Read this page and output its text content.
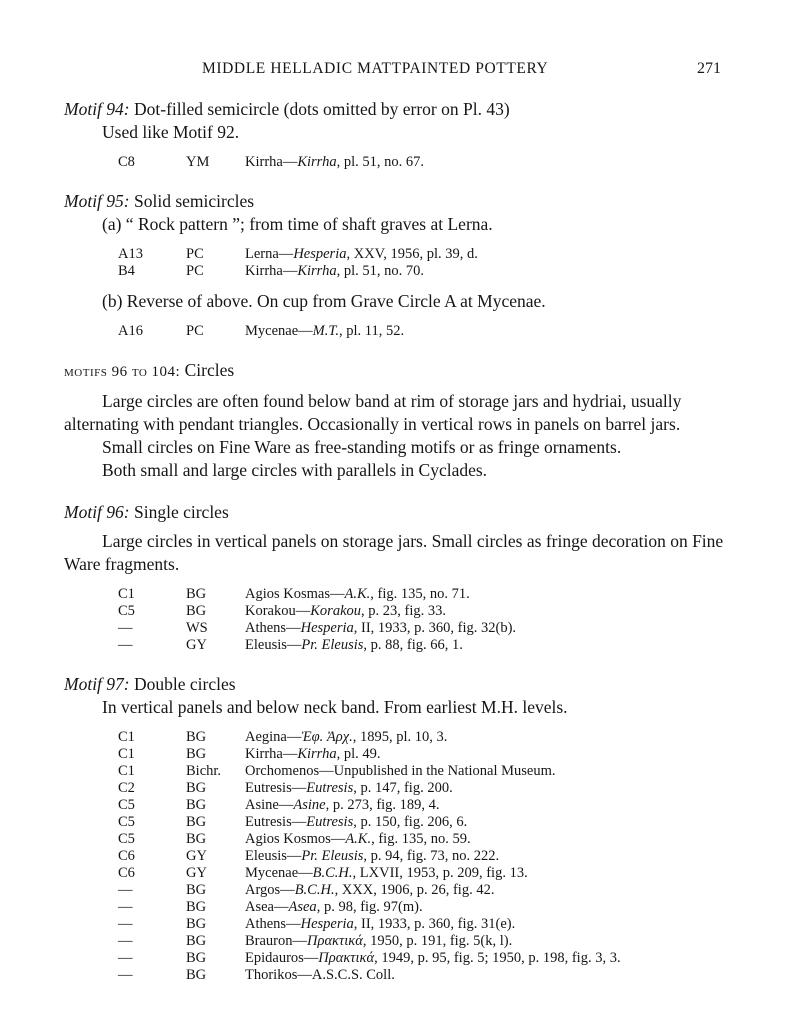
MIDDLE HELLADIC MATTPAINTED POTTERY	271

Motif 94: Dot-filled semicircle (dots omitted by error on Pl. 43)

Used like Motif 92.
C8	YM	Kirrha—Kirrha, pl. 51, no. 67.

Motif 95: Solid semicircles

(a) “ Rock pattern ”; from time of shaft graves at Lerna.
A13	PC	Lerna—Hesperia, XXV, 1956, pl. 39, d.
B4	PC	Kirrha—Kirrha, pl. 51, no. 70.
(b) Reverse of above. On cup from Grave Circle A at Mycenae.
A16	PC	Mycenae—M.T., pl. 11, 52.

motifs 96 to 104: Circles

Large circles are often found below band at rim of storage jars and hydriai, usually alternating with pendant triangles. Occasionally in vertical rows in panels on barrel jars.

Small circles on Fine Ware as free-standing motifs or as fringe ornaments.

Both small and large circles with parallels in Cyclades.

Motif 96: Single circles

Large circles in vertical panels on storage jars. Small circles as fringe decoration on Fine Ware fragments.

C1	BG	Agios Kosmas—A.K., fig. 135, no. 71.
C5	BG	Korakou—Korakou, p. 23, fig. 33.
—	WS	Athens—Hesperia, II, 1933, p. 360, fig. 32(b).
—	GY	Eleusis—Pr. Eleusis, p. 88, fig. 66, 1.

Motif 97: Double circles

In vertical panels and below neck band. From earliest M.H. levels.
C1	BG	Aegina—Ἐφ. Ἀρχ., 1895, pl. 10, 3.
C1	BG	Kirrha—Kirrha, pl. 49.
C1	Bichr.	Orchomenos—Unpublished in the National Museum.
C2	BG	Eutresis—Eutresis, p. 147, fig. 200.
C5	BG	Asine—Asine, p. 273, fig. 189, 4.
C5	BG	Eutresis—Eutresis, p. 150, fig. 206, 6.
C5	BG	Agios Kosmos—A.K., fig. 135, no. 59.
C6	GY	Eleusis—Pr. Eleusis, p. 94, fig. 73, no. 222.
C6	GY	Mycenae—B.C.H., LXVII, 1953, p. 209, fig. 13.
—	BG	Argos—B.C.H., XXX, 1906, p. 26, fig. 42.
—	BG	Asea—Asea, p. 98, fig. 97(m).
—	BG	Athens—Hesperia, II, 1933, p. 360, fig. 31(e).
—	BG	Brauron—Πρακτικά, 1950, p. 191, fig. 5(k, l).
—	BG	Epidauros—Πρακτικά, 1949, p. 95, fig. 5; 1950, p. 198, fig. 3, 3.
—	BG	Thorikos—A.S.C.S. Coll.
